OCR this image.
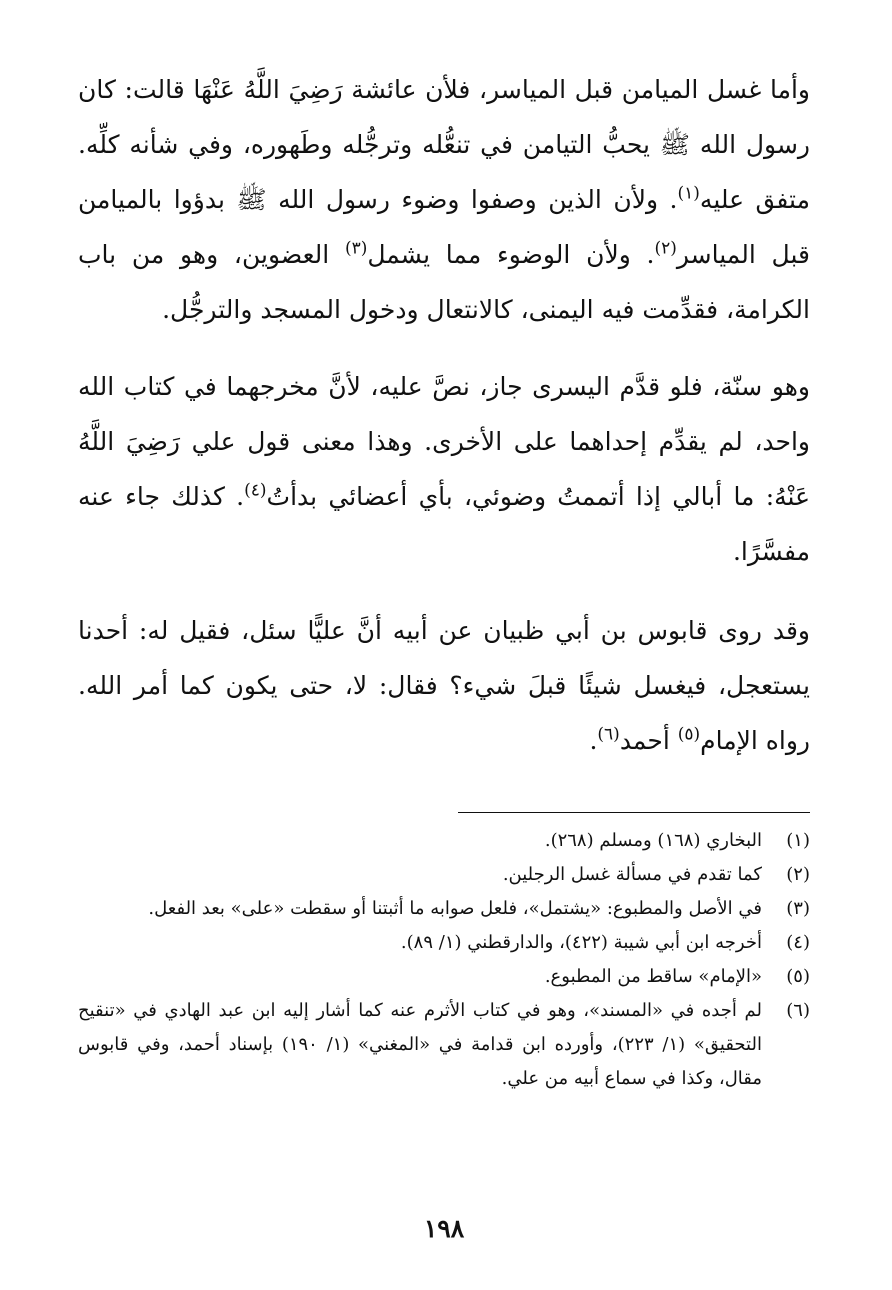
وأما غسل الميامن قبل المياسر، فلأن عائشة رَضِيَ اللَّهُ عَنْهَا قالت: كان رسول الله ﷺ يحبُّ التيامن في تنعُّله وترجُّله وطَهوره، وفي شأنه كلِّه. متفق عليه$^{(١)}$. ولأن الذين وصفوا وضوء رسول الله ﷺ بدؤوا بالميامن قبل المياسر$^{(٢)}$. ولأن الوضوء مما يشمل$^{(٣)}$ العضوين، وهو من باب الكرامة، فقدِّمت فيه اليمنى، كالانتعال ودخول المسجد والترجُّل.

وهو سنّة، فلو قدَّم اليسرى جاز، نصَّ عليه، لأنَّ مخرجهما في كتاب الله واحد، لم يقدِّم إحداهما على الأخرى. وهذا معنى قول علي رَضِيَ اللَّهُ عَنْهُ: ما أبالي إذا أتممتُ وضوئي، بأي أعضائي بدأتُ$^{(٤)}$. كذلك جاء عنه مفسَّرًا.

وقد روى قابوس بن أبي ظبيان عن أبيه أنَّ عليًّا سئل، فقيل له: أحدنا يستعجل، فيغسل شيئًا قبلَ شيء؟ فقال: لا، حتى يكون كما أمر الله. رواه الإمام$^{(٥)}$ أحمد$^{(٦)}$.

(١)
البخاري (١٦٨) ومسلم (٢٦٨).
(٢)
كما تقدم في مسألة غسل الرجلين.
(٣)
في الأصل والمطبوع: «يشتمل»، فلعل صوابه ما أثبتنا أو سقطت «على» بعد الفعل.
(٤)
أخرجه ابن أبي شيبة (٤٢٢)، والدارقطني (١/ ٨٩).
(٥)
«الإمام» ساقط من المطبوع.
(٦)
لم أجده في «المسند»، وهو في كتاب الأثرم عنه كما أشار إليه ابن عبد الهادي في «تنقيح التحقيق» (١/ ٢٢٣)، وأورده ابن قدامة في «المغني» (١/ ١٩٠) بإسناد أحمد، وفي قابوس مقال، وكذا في سماع أبيه من علي.
١٩٨
